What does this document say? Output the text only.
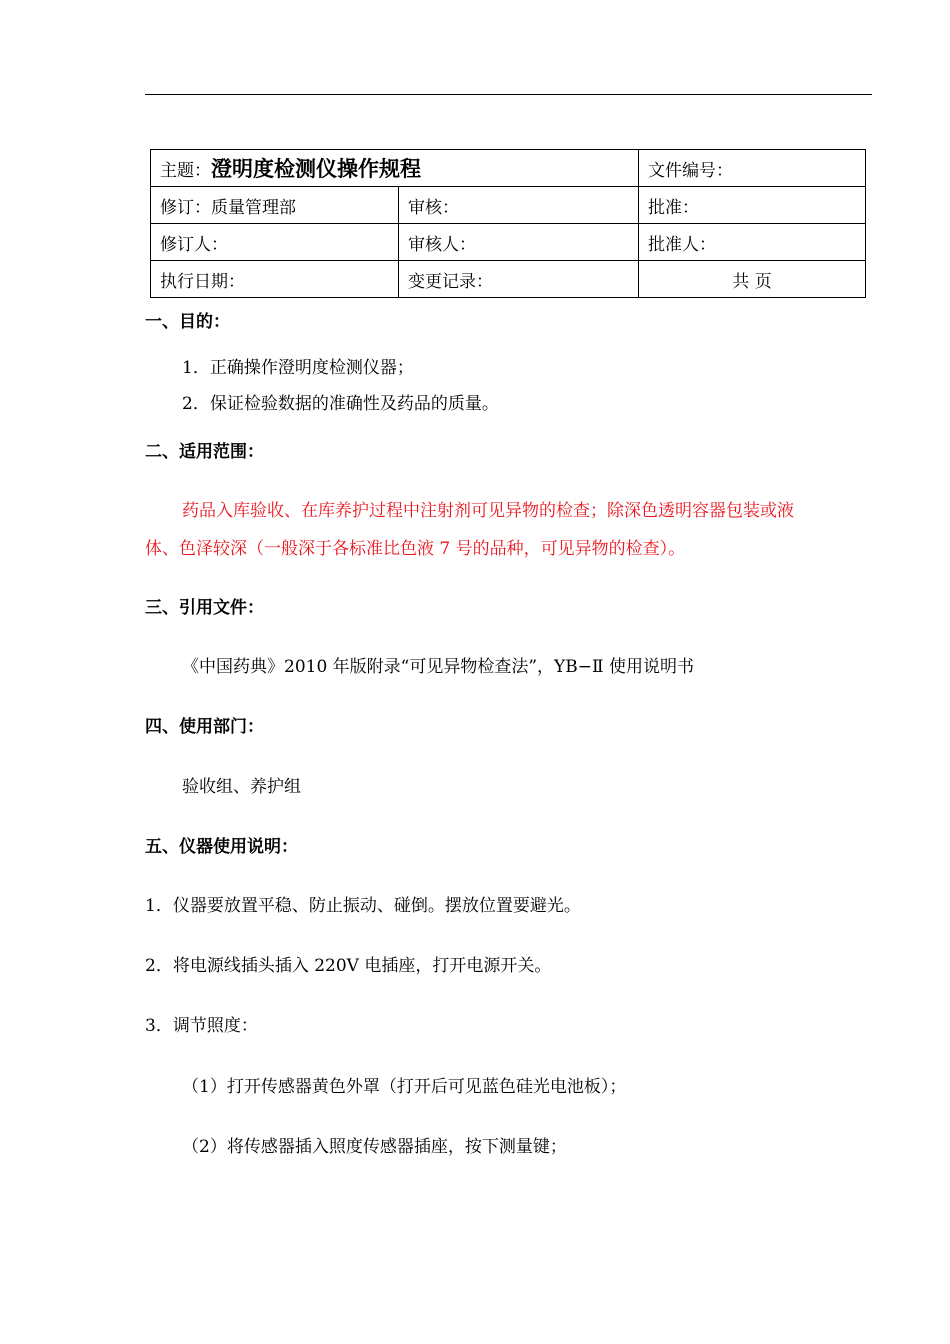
主题：澄明度检测仪操作规程		文件编号：
修订：质量管理部	审核：	批准：
修订人：	审核人：	批准人：
执行日期：	变更记录：	共 页
一、目的：
1．正确操作澄明度检测仪器；
2．保证检验数据的准确性及药品的质量。
二、适用范围：
药品入库验收、在库养护过程中注射剂可见异物的检查；除深色透明容器包装或液
体、色泽较深（一般深于各标准比色液 7 号的品种，可见异物的检查）。
三、引用文件：
《中国药典》2010 年版附录“可见异物检查法”，YB−Ⅱ 使用说明书
四、使用部门：
验收组、养护组
五、仪器使用说明：
1．仪器要放置平稳、防止振动、碰倒。摆放位置要避光。
2．将电源线插头插入 220V 电插座，打开电源开关。
3．调节照度：
（1）打开传感器黄色外罩（打开后可见蓝色硅光电池板）；
（2）将传感器插入照度传感器插座，按下测量键；
